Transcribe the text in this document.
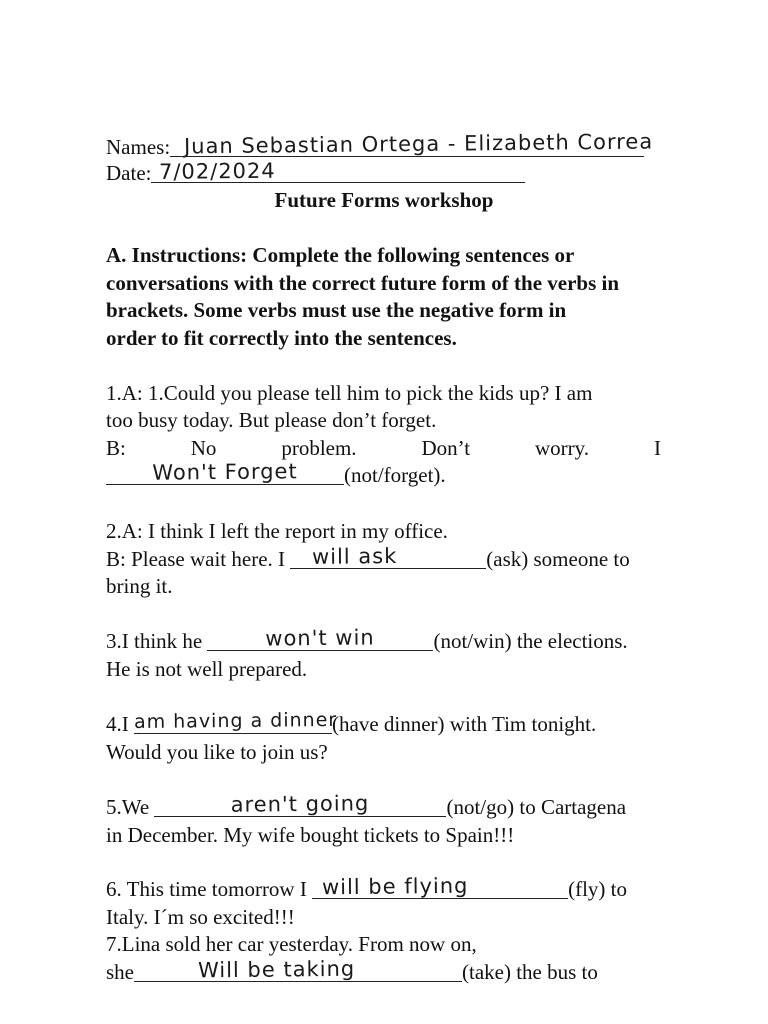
Names: Juan Sebastian Ortega - Elizabeth Correa
Date: 7/02/2024
Future Forms workshop
A. Instructions: Complete the following sentences or
conversations with the correct future form of the verbs in
brackets. Some verbs must use the negative form in
order to fit correctly into the sentences.
1.A: 1.Could you please tell him to pick the kids up? I am
too busy today. But please don’t forget.
B:	No	problem.	Don’t	worry.	I
Won't Forget	(not/forget).
2.A: I think I left the report in my office.
B: Please wait here. I will ask	(ask) someone to
bring it.
3.I think he	won't win	(not/win) the elections.
He is not well prepared.
4.I am having a dinner
(have dinner) with Tim tonight.
Would you like to join us?
5.We	aren't going	(not/go) to Cartagena
in December. My wife bought tickets to Spain!!!
6. This time tomorrow I will be flying	(fly) to
Italy. I´m so excited!!!
7.Lina sold her car yesterday. From now on,
she	Will be taking	(take) the bus to
